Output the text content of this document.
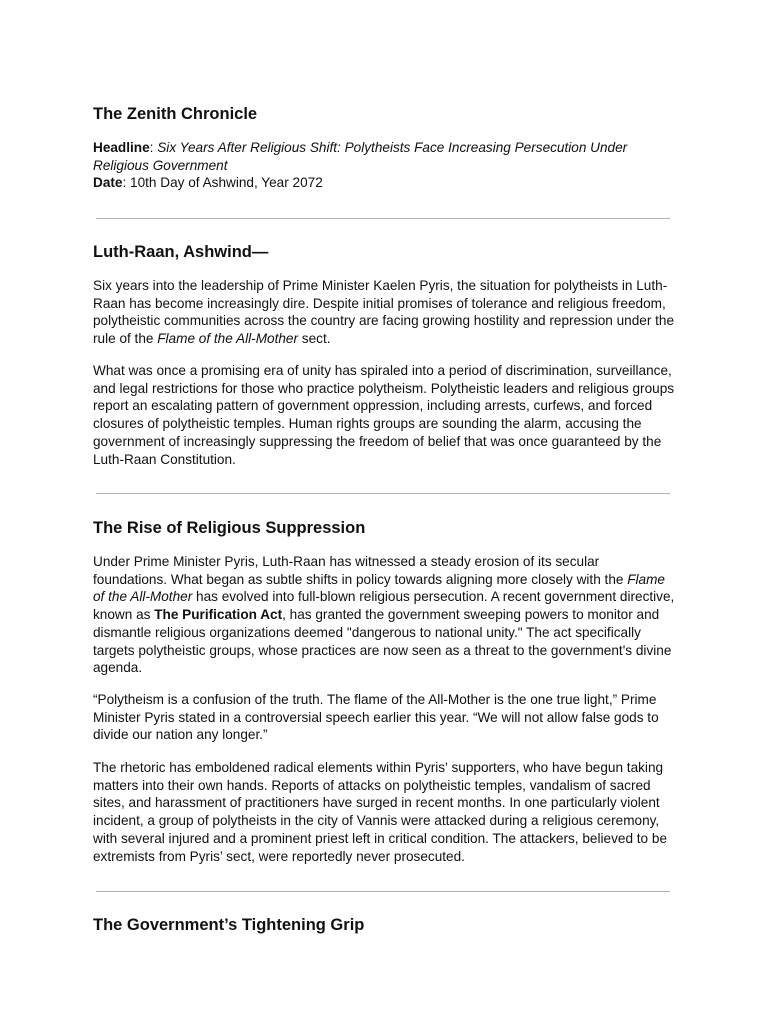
The Zenith Chronicle

Headline: Six Years After Religious Shift: Polytheists Face Increasing Persecution Under Religious Government

Date: 10th Day of Ashwind, Year 2072

Luth-Raan, Ashwind—

Six years into the leadership of Prime Minister Kaelen Pyris, the situation for polytheists in Luth-Raan has become increasingly dire. Despite initial promises of tolerance and religious freedom, polytheistic communities across the country are facing growing hostility and repression under the rule of the Flame of the All-Mother sect.

What was once a promising era of unity has spiraled into a period of discrimination, surveillance, and legal restrictions for those who practice polytheism. Polytheistic leaders and religious groups report an escalating pattern of government oppression, including arrests, curfews, and forced closures of polytheistic temples. Human rights groups are sounding the alarm, accusing the government of increasingly suppressing the freedom of belief that was once guaranteed by the Luth-Raan Constitution.

The Rise of Religious Suppression

Under Prime Minister Pyris, Luth-Raan has witnessed a steady erosion of its secular foundations. What began as subtle shifts in policy towards aligning more closely with the Flame of the All-Mother has evolved into full-blown religious persecution. A recent government directive, known as The Purification Act, has granted the government sweeping powers to monitor and dismantle religious organizations deemed "dangerous to national unity." The act specifically targets polytheistic groups, whose practices are now seen as a threat to the government's divine agenda.

“Polytheism is a confusion of the truth. The flame of the All-Mother is the one true light,” Prime Minister Pyris stated in a controversial speech earlier this year. “We will not allow false gods to divide our nation any longer.”

The rhetoric has emboldened radical elements within Pyris' supporters, who have begun taking matters into their own hands. Reports of attacks on polytheistic temples, vandalism of sacred sites, and harassment of practitioners have surged in recent months. In one particularly violent incident, a group of polytheists in the city of Vannis were attacked during a religious ceremony, with several injured and a prominent priest left in critical condition. The attackers, believed to be extremists from Pyris’ sect, were reportedly never prosecuted.

The Government’s Tightening Grip
